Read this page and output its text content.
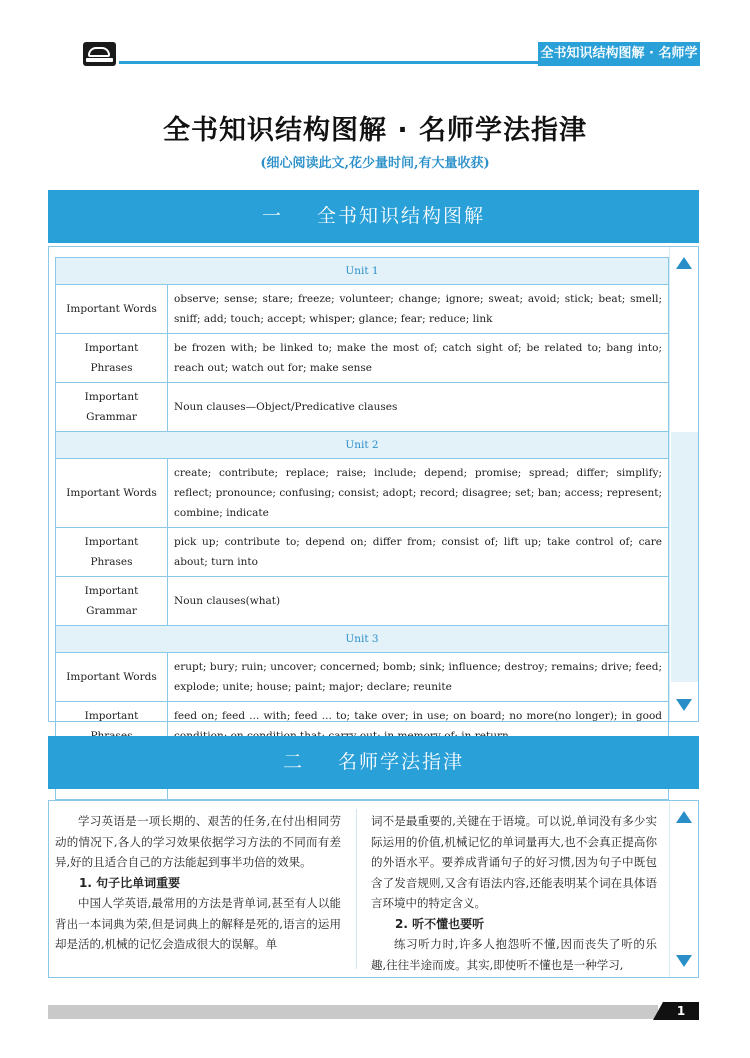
全书知识结构图解 · 名师学法指津
全书知识结构图解 · 名师学法指津
(细心阅读此文,花少量时间,有大量收获)
一 全书知识结构图解
Unit 1	
Important Words	observe; sense; stare; freeze; volunteer; change; ignore; sweat; avoid; stick; beat; smell; sniff; add; touch; accept; whisper; glance; fear; reduce; link
Important Phrases	be frozen with; be linked to; make the most of; catch sight of; be related to; bang into; reach out; watch out for; make sense
Important Grammar	Noun clauses—Object/Predicative clauses
Unit 2	
Important Words	create; contribute; replace; raise; include; depend; promise; spread; differ; simplify; reflect; pronounce; confusing; consist; adopt; record; disagree; set; ban; access; represent; combine; indicate
Important Phrases	pick up; contribute to; depend on; differ from; consist of; lift up; take control of; care about; turn into
Important Grammar	Noun clauses(what)
Unit 3	
Important Words	erupt; bury; ruin; uncover; concerned; bomb; sink; influence; destroy; remains; drive; feed; explode; unite; house; paint; major; declare; reunite
Important	feed on; feed ... with; feed ... to; take over; in use; on board; no more(no longer); in good

二 名师学法指津

学习英语是一项长期的、艰苦的任务,在付出相同劳动的情况下,各人的学习效果依据学习方法的不同而有差异,好的且适合自己的方法能起到事半功倍的效果。

1. 句子比单词重要

中国人学英语,最常用的方法是背单词,甚至有人以能背出一本词典为荣,但是词典上的解释是死的,语言的运用却是活的,机械的记忆会造成很大的误解。单

词不是最重要的,关键在于语境。可以说,单词没有多少实际运用的价值,机械记忆的单词量再大,也不会真正提高你的外语水平。要养成背诵句子的好习惯,因为句子中既包含了发音规则,又含有语法内容,还能表明某个词在具体语言环境中的特定含义。

2. 听不懂也要听

练习听力时,许多人抱怨听不懂,因而丧失了听的乐趣,往往半途而废。其实,即使听不懂也是一种学习,

1
